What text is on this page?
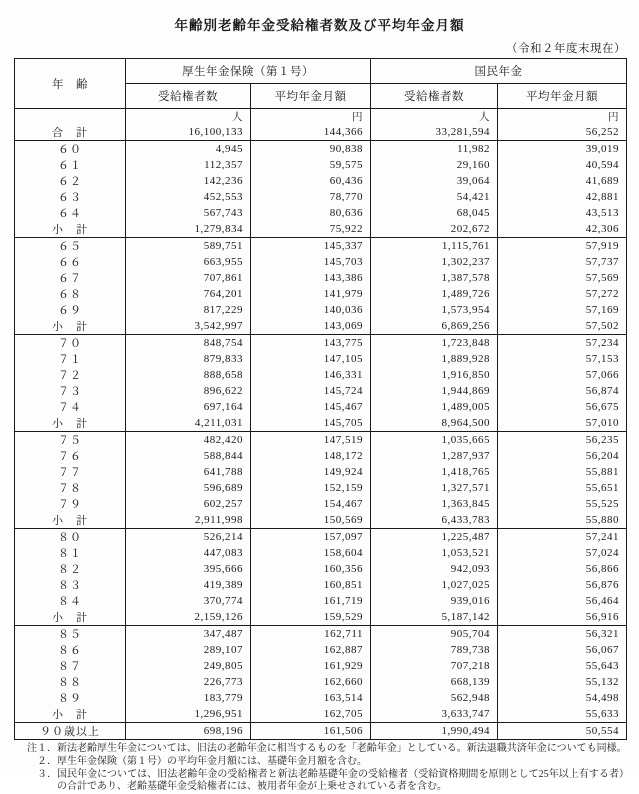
年齢別老齢年金受給権者数及び平均年金月額
（令和２年度末現在）
年　齢	厚生年金保険（第１号）		国民年金	
	受給権者数	平均年金月額	受給権者数	平均年金月額
	人	円	人	円
合　計	16,100,133	144,366	33,281,594	56,252
６０	4,945	90,838	11,982	39,019
６１	112,357	59,575	29,160	40,594
６２	142,236	60,436	39,064	41,689
６３	452,553	78,770	54,421	42,881
６４	567,743	80,636	68,045	43,513
小　計	1,279,834	75,922	202,672	42,306
６５	589,751	145,337	1,115,761	57,919
６６	663,955	145,703	1,302,237	57,737
６７	707,861	143,386	1,387,578	57,569
６８	764,201	141,979	1,489,726	57,272
６９	817,229	140,036	1,573,954	57,169
小　計	3,542,997	143,069	6,869,256	57,502
７０	848,754	143,775	1,723,848	57,234
７１	879,833	147,105	1,889,928	57,153
７２	888,658	146,331	1,916,850	57,066
７３	896,622	145,724	1,944,869	56,874
７４	697,164	145,467	1,489,005	56,675
小　計	4,211,031	145,705	8,964,500	57,010
７５	482,420	147,519	1,035,665	56,235
７６	588,844	148,172	1,287,937	56,204
７７	641,788	149,924	1,418,765	55,881
７８	596,689	152,159	1,327,571	55,651
７９	602,257	154,467	1,363,845	55,525
小　計	2,911,998	150,569	6,433,783	55,880
８０	526,214	157,097	1,225,487	57,241
８１	447,083	158,604	1,053,521	57,024
８２	395,666	160,356	942,093	56,866
８３	419,389	160,851	1,027,025	56,876
８４	370,774	161,719	939,016	56,464
小　計	2,159,126	159,529	5,187,142	56,916
８５	347,487	162,711	905,704	56,321
８６	289,107	162,887	789,738	56,067
８７	249,805	161,929	707,218	55,643
８８	226,773	162,660	668,139	55,132
８９	183,779	163,514	562,948	54,498
小　計	1,296,951	162,705	3,633,747	55,633
９０歳以上	698,196	161,506	1,990,494	50,554
注１． 新法老齢厚生年金については、旧法の老齢年金に相当するものを「老齢年金」としている。新法退職共済年金についても同様。
２． 厚生年金保険（第１号）の平均年金月額には、基礎年金月額を含む。
３． 国民年金については、旧法老齢年金の受給権者と新法老齢基礎年金の受給権者（受給資格期間を原則として25年以上有する者）の合計であり、老齢基礎年金受給権者には、被用者年金が上乗せされている者を含む。
